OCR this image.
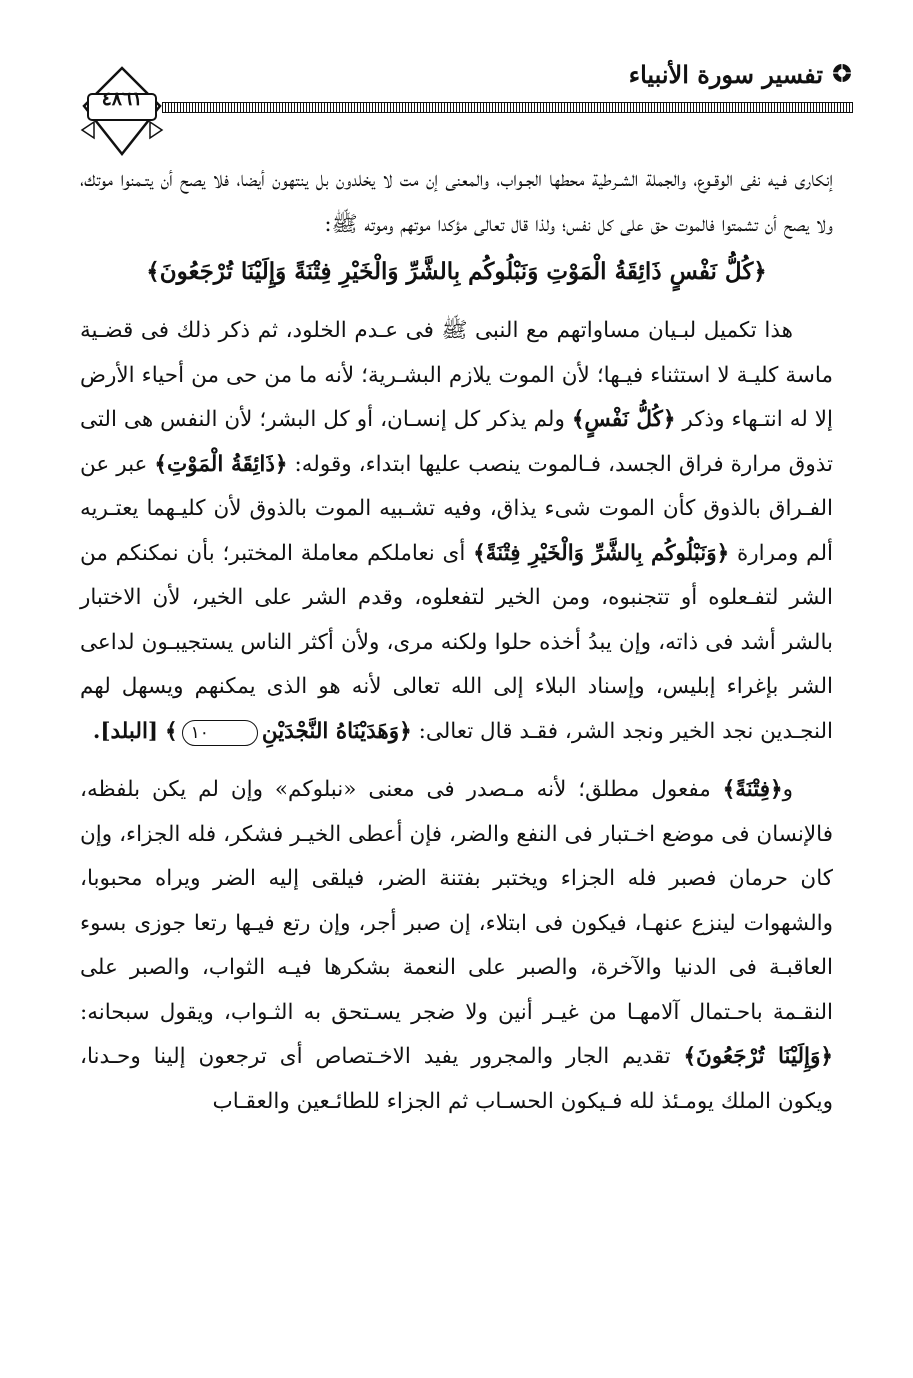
تفسير سورة الأنبياء
٤٨٦١

إنكارى فـيه نفى الوقـوع، والجملة الشـرطية محطها الجـواب، والمعنى إن مت لا يخلدون بل ينتهون أيضا، فلا يصح أن يتـمنوا موتك، ولا يصح أن تشمتوا فالموت حق على كل نفس؛ ولذا قال تعالى مؤكدا موتهم وموته ﷺ:

﴿كُلُّ نَفْسٍ ذَائِقَةُ الْمَوْتِ وَنَبْلُوكُم بِالشَّرِّ وَالْخَيْرِ فِتْنَةً وَإِلَيْنَا تُرْجَعُونَ﴾

هذا تكميل لبـيان مساواتهم مع النبى ﷺ فى عـدم الخلود، ثم ذكر ذلك فى قضـية ماسة كليـة لا استثناء فيـها؛ لأن الموت يلازم البشـرية؛ لأنه ما من حى من أحياء الأرض إلا له انتـهاء وذكر ﴿كُلُّ نَفْسٍ﴾ ولم يذكر كل إنسـان، أو كل البشر؛ لأن النفس هى التى تذوق مرارة فراق الجسد، فـالموت ينصب عليها ابتداء، وقوله: ﴿ذَائِقَةُ الْمَوْتِ﴾ عبر عن الفـراق بالذوق كأن الموت شىء يذاق، وفيه تشـبيه الموت بالذوق لأن كليـهما يعتـريه ألم ومرارة ﴿وَنَبْلُوكُم بِالشَّرِّ وَالْخَيْرِ فِتْنَةً﴾ أى نعاملكم معاملة المختبر؛ بأن نمكنكم من الشر لتفـعلوه أو تتجنبوه، ومن الخير لتفعلوه، وقدم الشر على الخير، لأن الاختبار بالشر أشد فى ذاته، وإن يبدُ أخذه حلوا ولكنه مرى، ولأن أكثر الناس يستجيبـون لداعى الشر بإغراء إبليس، وإسناد البلاء إلى الله تعالى لأنه هو الذى يمكنهم ويسهل لهم النجـدين نجد الخير ونجد الشر، فقـد قال تعالى: ﴿وَهَدَيْنَاهُ النَّجْدَيْنِ١٠﴾ [البلد].

و﴿فِتْنَةً﴾ مفعول مطلق؛ لأنه مـصدر فى معنى «نبلوكم» وإن لم يكن بلفظه، فالإنسان فى موضع اخـتبار فى النفع والضر، فإن أعطى الخيـر فشكر، فله الجزاء، وإن كان حرمان فصبر فله الجزاء ويختبر بفتنة الضر، فيلقى إليه الضر ويراه محبوبا، والشهوات لينزع عنهـا، فيكون فى ابتلاء، إن صبر أجر، وإن رتع فيـها رتعا جوزى بسوء العاقبـة فى الدنيا والآخرة، والصبر على النعمة بشكرها فيـه الثواب، والصبر على النقـمة باحـتمال آلامهـا من غيـر أنين ولا ضجر يسـتحق به الثـواب، ويقول سبحانه: ﴿وَإِلَيْنَا تُرْجَعُونَ﴾ تقديم الجار والمجرور يفيد الاخـتصاص أى ترجعون إلينا وحـدنا، ويكون الملك يومـئذ لله فـيكون الحسـاب ثم الجزاء للطائـعين والعقـاب
